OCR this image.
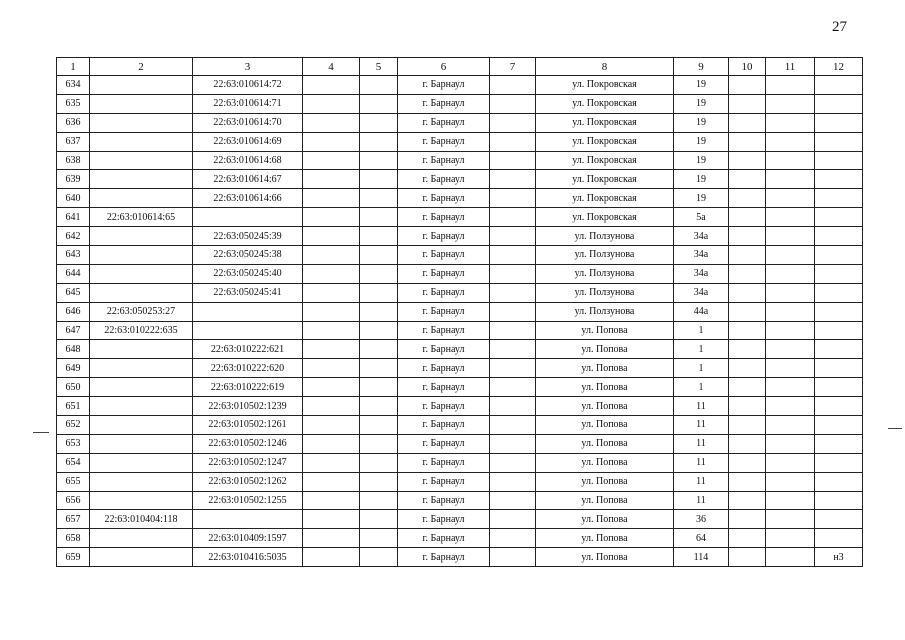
27
1	2	3	4	5	6	7	8	9	10	11	12
634		22:63:010614:72			г. Барнаул		ул. Покровская	19			
635		22:63:010614:71			г. Барнаул		ул. Покровская	19			
636		22:63:010614:70			г. Барнаул		ул. Покровская	19			
637		22:63:010614:69			г. Барнаул		ул. Покровская	19			
638		22:63:010614:68			г. Барнаул		ул. Покровская	19			
639		22:63:010614:67			г. Барнаул		ул. Покровская	19			
640		22:63:010614:66			г. Барнаул		ул. Покровская	19			
641	22:63:010614:65				г. Барнаул		ул. Покровская	5а			
642		22:63:050245:39			г. Барнаул		ул. Ползунова	34а			
643		22:63:050245:38			г. Барнаул		ул. Ползунова	34а			
644		22:63:050245:40			г. Барнаул		ул. Ползунова	34а			
645		22:63:050245:41			г. Барнаул		ул. Ползунова	34а			
646	22:63:050253:27				г. Барнаул		ул. Ползунова	44а			
647	22:63:010222:635				г. Барнаул		ул. Попова	1			
648		22:63:010222:621			г. Барнаул		ул. Попова	1			
649		22:63:010222:620			г. Барнаул		ул. Попова	1			
650		22:63:010222:619			г. Барнаул		ул. Попова	1			
651		22:63:010502:1239			г. Барнаул		ул. Попова	11			
652		22:63:010502:1261			г. Барнаул		ул. Попова	11			
653		22:63:010502:1246			г. Барнаул		ул. Попова	11			
654		22:63:010502:1247			г. Барнаул		ул. Попова	11			
655		22:63:010502:1262			г. Барнаул		ул. Попова	11			
656		22:63:010502:1255			г. Барнаул		ул. Попова	11			
657	22:63:010404:118				г. Барнаул		ул. Попова	36			
658		22:63:010409:1597			г. Барнаул		ул. Попова	64			
659		22:63:010416:5035			г. Барнаул		ул. Попова	114			н3
